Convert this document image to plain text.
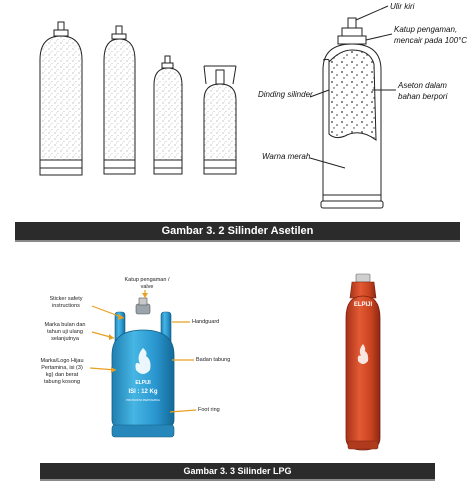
Ulir kiri
Katup pengaman,
mencair pada 100°C
Dinding silinder
Aseton dalam
bahan berpori
Warna merah
Gambar 3. 2 Silinder Asetilen
ELPIJI
ISI : 12 Kg
PRODUKSI PERTAMINA
ELPIJI
Sticker safety
instructions
Marka bulan dan
tahun uji ulang
selanjutnya
Marka/Logo Hijau
Pertamina, isi (3)
kg) dan berat
tabung kosong
Katup pengaman /
valve
Handguard
Badan tabung
Foot ring
Gambar 3. 3 Silinder LPG
